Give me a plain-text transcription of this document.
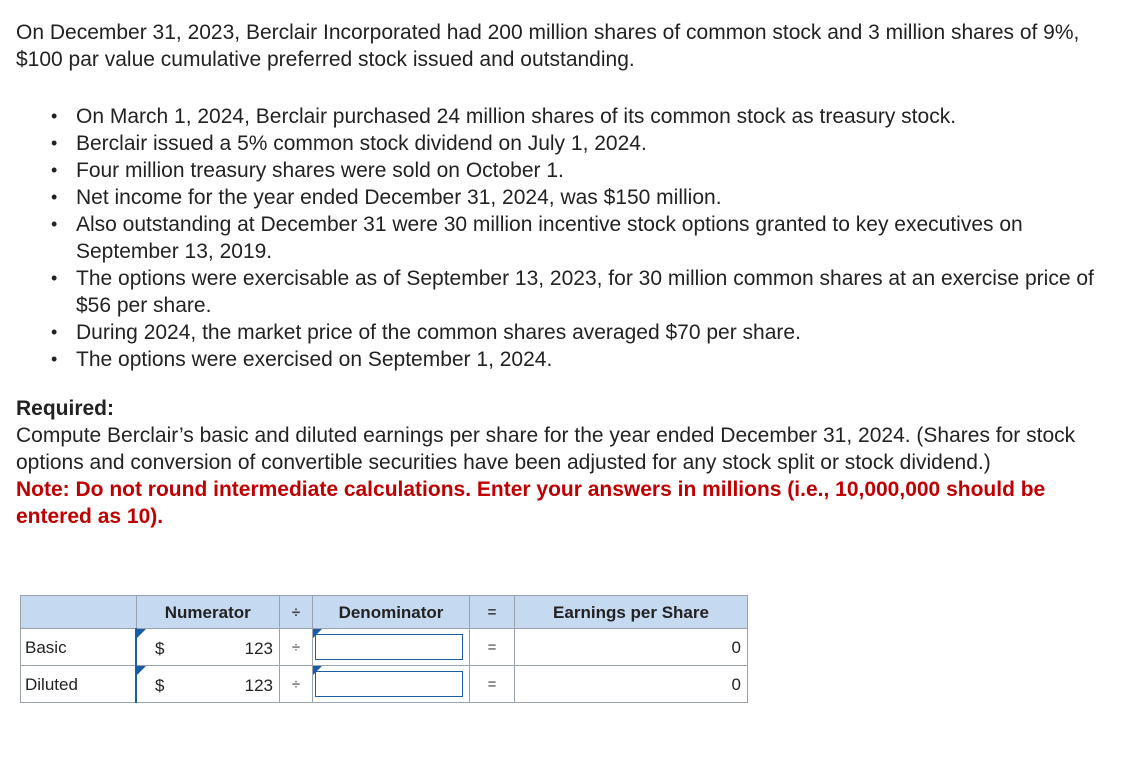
On December 31, 2023, Berclair Incorporated had 200 million shares of common stock and 3 million shares of 9%, $100 par value cumulative preferred stock issued and outstanding.

• On March 1, 2024, Berclair purchased 24 million shares of its common stock as treasury stock.
• Berclair issued a 5% common stock dividend on July 1, 2024.
• Four million treasury shares were sold on October 1.
• Net income for the year ended December 31, 2024, was $150 million.
• Also outstanding at December 31 were 30 million incentive stock options granted to key executives on September 13, 2019.
• The options were exercisable as of September 13, 2023, for 30 million common shares at an exercise price of $56 per share.
• During 2024, the market price of the common shares averaged $70 per share.
• The options were exercised on September 1, 2024.

Required:

Compute Berclair’s basic and diluted earnings per share for the year ended December 31, 2024. (Shares for stock options and conversion of convertible securities have been adjusted for any stock split or stock dividend.)

Note: Do not round intermediate calculations. Enter your answers in millions (i.e., 10,000,000 should be entered as 10).

	Numerator	÷	Denominator	=	Earnings per Share
Basic	$ 123	÷		=	0
Diluted	$ 123	÷		=	0
